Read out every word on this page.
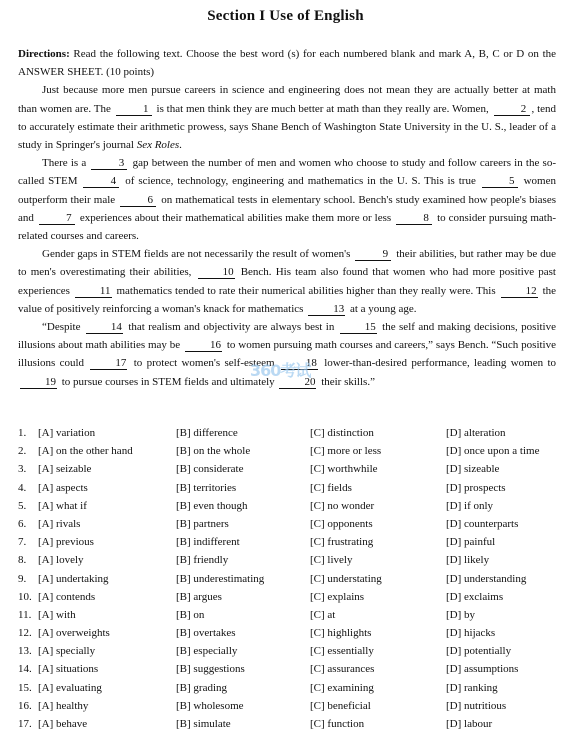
Section I Use of English

Directions: Read the following text. Choose the best word (s) for each numbered blank and mark A, B, C or D on the ANSWER SHEET. (10 points)

Just because more men pursue careers in science and engineering does not mean they are actually better at math than women are. The	1 is that men think they are much better at math than they really are. Women,	2 , tend to accurately estimate their arithmetic prowess, says Shane Bench of Washington State University in the U. S., leader of a study in Springer's journal Sex Roles.

There is a	3 gap between the number of men and women who choose to study and follow careers in the so-called STEM	4 of science, technology, engineering and mathematics in the U. S. This is true	5 women outperform their male	6 on mathematical tests in elementary school. Bench's study examined how people's biases and	7 experiences about their mathematical abilities make them more or less	8 to consider pursuing math-related courses and careers.

Gender gaps in STEM fields are not necessarily the result of women's	9 their abilities, but rather may be due to men's overestimating their abilities,	10 Bench. His team also found that women who had more positive past experiences	11 mathematics tended to rate their numerical abilities higher than they really were. This	12 the value of positively reinforcing a woman's knack for mathematics	13 at a young age.

“Despite	14 that realism and objectivity are always best in	15 the self and making decisions, positive illusions about math abilities may be	16 to women pursuing math courses and careers,” says Bench. “Such positive illusions could	17 to protect women's self-esteem	18 lower-than-desired performance, leading women to 19 to pursue courses in STEM fields and ultimately	20 their skills.”

360考试
1. [A] variation	[B] difference	[C] distinction	[D] alteration
2. [A] on the other hand	[B] on the whole	[C] more or less	[D] once upon a time
3. [A] seizable	[B] considerate	[C] worthwhile	[D] sizeable
4. [A] aspects	[B] territories	[C] fields	[D] prospects
5. [A] what if	[B] even though	[C] no wonder	[D] if only
6. [A] rivals	[B] partners	[C] opponents	[D] counterparts
7. [A] previous	[B] indifferent	[C] frustrating	[D] painful
8. [A] lovely	[B] friendly	[C] lively	[D] likely
9. [A] undertaking	[B] underestimating	[C] understating	[D] understanding
10. [A] contends	[B] argues	[C] explains	[D] exclaims
11. [A] with	[B] on	[C] at	[D] by
12. [A] overweights	[B] overtakes	[C] highlights	[D] hijacks
13. [A] specially	[B] especially	[C] essentially	[D] potentially
14. [A] situations	[B] suggestions	[C] assurances	[D] assumptions
15. [A] evaluating	[B] grading	[C] examining	[D] ranking
16. [A] healthy	[B] wholesome	[C] beneficial	[D] nutritious
17. [A] behave	[B] simulate	[C] function	[D] labour
